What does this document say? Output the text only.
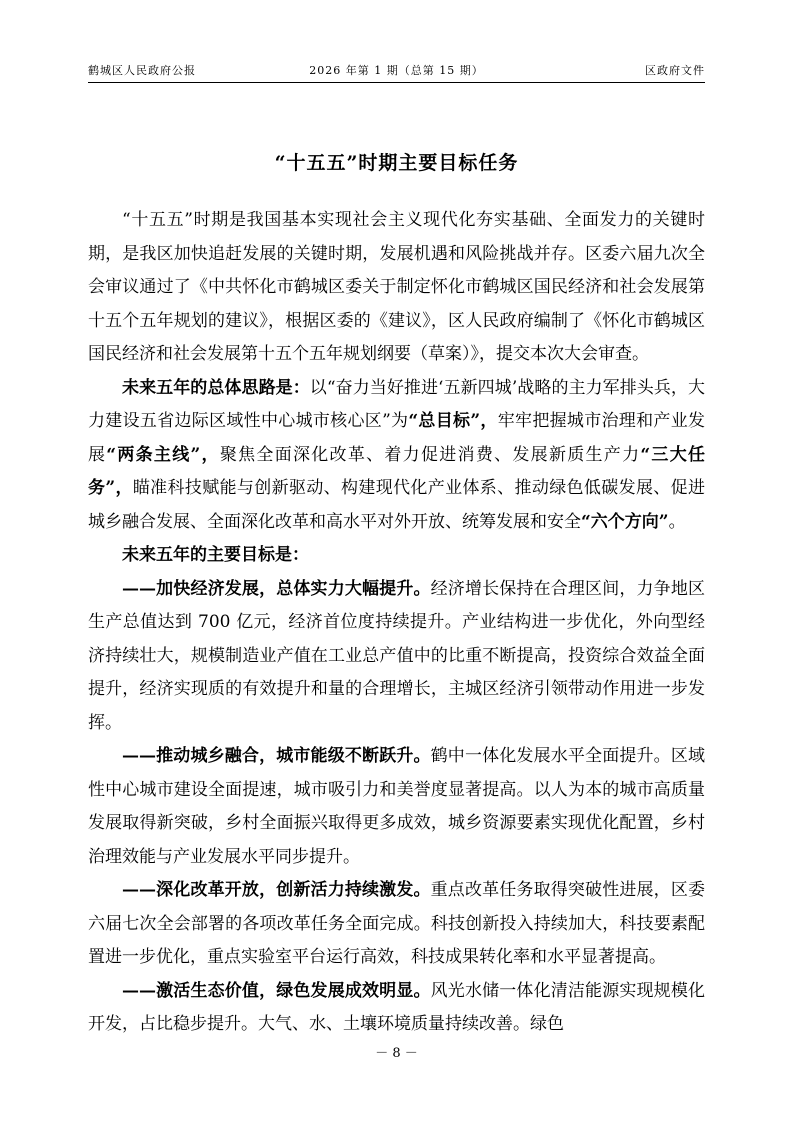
鹤城区人民政府公报	2026 年第 1 期（总第 15 期）	区政府文件
“十五五”时期主要目标任务

“十五五”时期是我国基本实现社会主义现代化夯实基础、全面发力的关键时期，是我区加快追赶发展的关键时期，发展机遇和风险挑战并存。区委六届九次全会审议通过了《中共怀化市鹤城区委关于制定怀化市鹤城区国民经济和社会发展第十五个五年规划的建议》，根据区委的《建议》，区人民政府编制了《怀化市鹤城区国民经济和社会发展第十五个五年规划纲要（草案）》，提交本次大会审查。

未来五年的总体思路是：以“奋力当好推进‘五新四城’战略的主力军排头兵，大力建设五省边际区域性中心城市核心区”为“总目标”，牢牢把握城市治理和产业发展“两条主线”，聚焦全面深化改革、着力促进消费、发展新质生产力“三大任务”，瞄准科技赋能与创新驱动、构建现代化产业体系、推动绿色低碳发展、促进城乡融合发展、全面深化改革和高水平对外开放、统筹发展和安全“六个方向”。

未来五年的主要目标是：

——加快经济发展，总体实力大幅提升。经济增长保持在合理区间，力争地区生产总值达到 700 亿元，经济首位度持续提升。产业结构进一步优化，外向型经济持续壮大，规模制造业产值在工业总产值中的比重不断提高，投资综合效益全面提升，经济实现质的有效提升和量的合理增长，主城区经济引领带动作用进一步发挥。

——推动城乡融合，城市能级不断跃升。鹤中一体化发展水平全面提升。区域性中心城市建设全面提速，城市吸引力和美誉度显著提高。以人为本的城市高质量发展取得新突破，乡村全面振兴取得更多成效，城乡资源要素实现优化配置，乡村治理效能与产业发展水平同步提升。

——深化改革开放，创新活力持续激发。重点改革任务取得突破性进展，区委六届七次全会部署的各项改革任务全面完成。科技创新投入持续加大，科技要素配置进一步优化，重点实验室平台运行高效，科技成果转化率和水平显著提高。

——激活生态价值，绿色发展成效明显。风光水储一体化清洁能源实现规模化开发，占比稳步提升。大气、水、土壤环境质量持续改善。绿色

－ 8 －
